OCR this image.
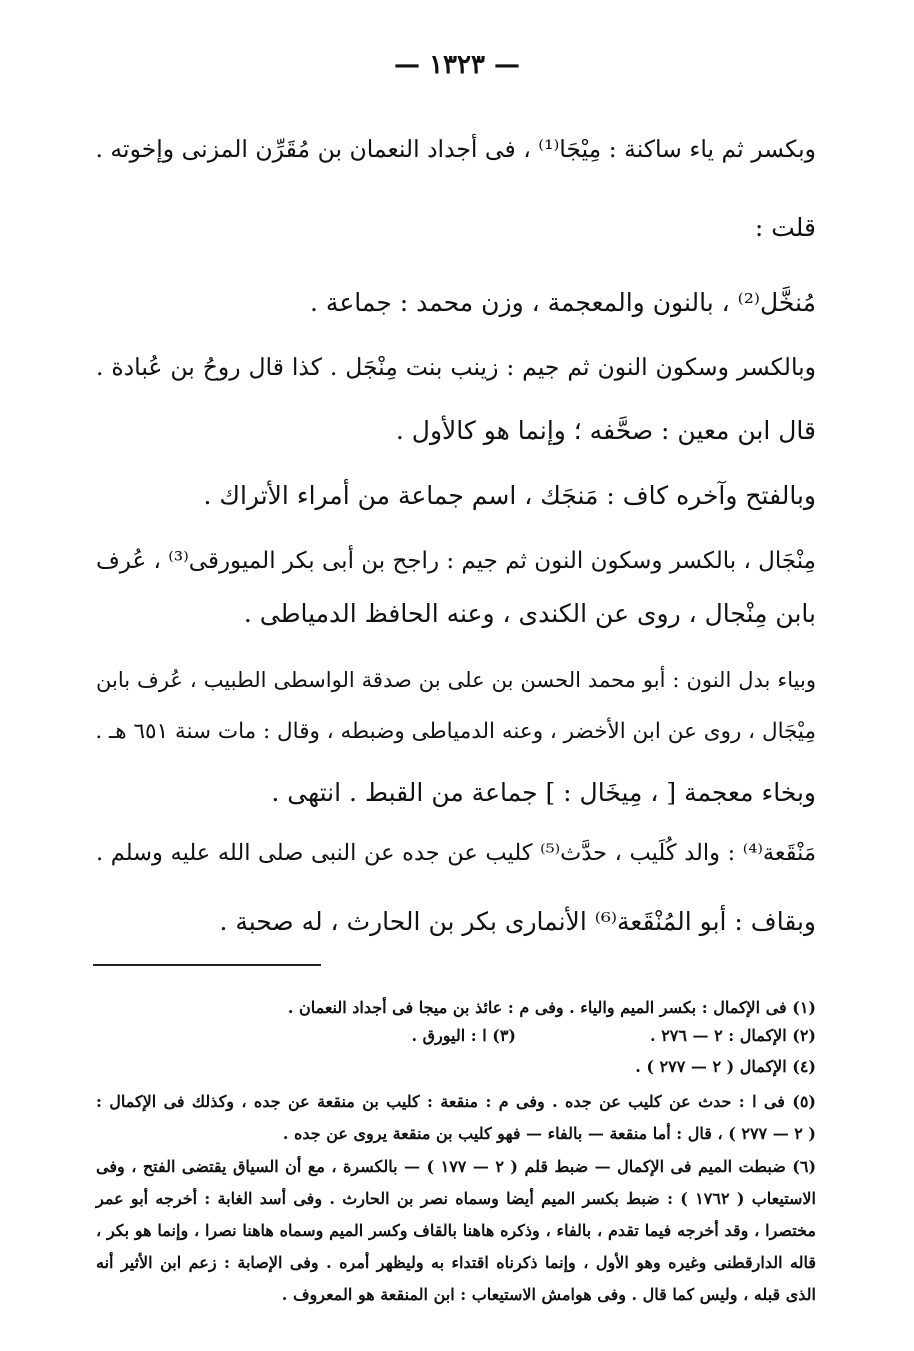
— ١٣٢٣ —
وبكسر ثم ياء ساكنة : مِيْجَا⁽¹⁾ ، فى أجداد النعمان بن مُقَرِّن المزنى وإخوته .
قلت :
مُنخَّل⁽²⁾ ، بالنون والمعجمة ، وزن محمد : جماعة .
وبالكسر وسكون النون ثم جيم : زينب بنت مِنْجَل . كذا قال روحُ بن عُبادة .
قال ابن معين : صحَّفه ؛ وإنما هو كالأول .
وبالفتح وآخره كاف : مَنجَك ، اسم جماعة من أمراء الأتراك .
مِنْجَال ، بالكسر وسكون النون ثم جيم : راجح بن أبى بكر الميورقى⁽³⁾ ، عُرف
بابن مِنْجال ، روى عن الكندى ، وعنه الحافظ الدمياطى .
وبياء بدل النون : أبو محمد الحسن بن على بن صدقة الواسطى الطبيب ، عُرف بابن
مِيْجَال ، روى عن ابن الأخضر ، وعنه الدمياطى وضبطه ، وقال : مات سنة ٦٥١ هـ .
وبخاء معجمة [ ، مِيخَال : ] جماعة من القبط . انتهى .
مَنْقَعة⁽⁴⁾ : والد كُلَيب ، حدَّث⁽⁵⁾ كليب عن جده عن النبى صلى الله عليه وسلم .
وبقاف : أبو المُنْقَعة⁽⁶⁾ الأنمارى بكر بن الحارث ، له صحبة .
(١) فى الإكمال : بكسر الميم والياء . وفى م : عائذ بن ميجا فى أجداد النعمان .
(٢) الإكمال : ٢ — ٢٧٦ .
(٣) ا : اليورق .
(٤) الإكمال ( ٢ — ٢٧٧ ) .
(٥) فى ا : حدث عن كليب عن جده . وفى م : منقعة : كليب بن منقعة عن جده ، وكذلك فى الإكمال :
( ٢ — ٢٧٧ ) ، قال : أما منقعة — بالفاء — فهو كليب بن منقعة يروى عن جده .
(٦) ضبطت الميم فى الإكمال — ضبط قلم ( ٢ — ١٧٧ ) — بالكسرة ، مع أن السياق يقتضى الفتح ، وفى
الاستيعاب ( ١٧٦٢ ) : ضبط بكسر الميم أيضا وسماه نصر بن الحارث . وفى أسد الغابة : أخرجه أبو عمر
مختصرا ، وقد أخرجه فيما تقدم ، بالفاء ، وذكره هاهنا بالقاف وكسر الميم وسماه هاهنا نصرا ، وإنما هو بكر ،
قاله الدارقطنى وغيره وهو الأول ، وإنما ذكرناه اقتداء به وليظهر أمره . وفى الإصابة : زعم ابن الأثير أنه
الذى قبله ، وليس كما قال . وفى هوامش الاستيعاب : ابن المنقعة هو المعروف .
